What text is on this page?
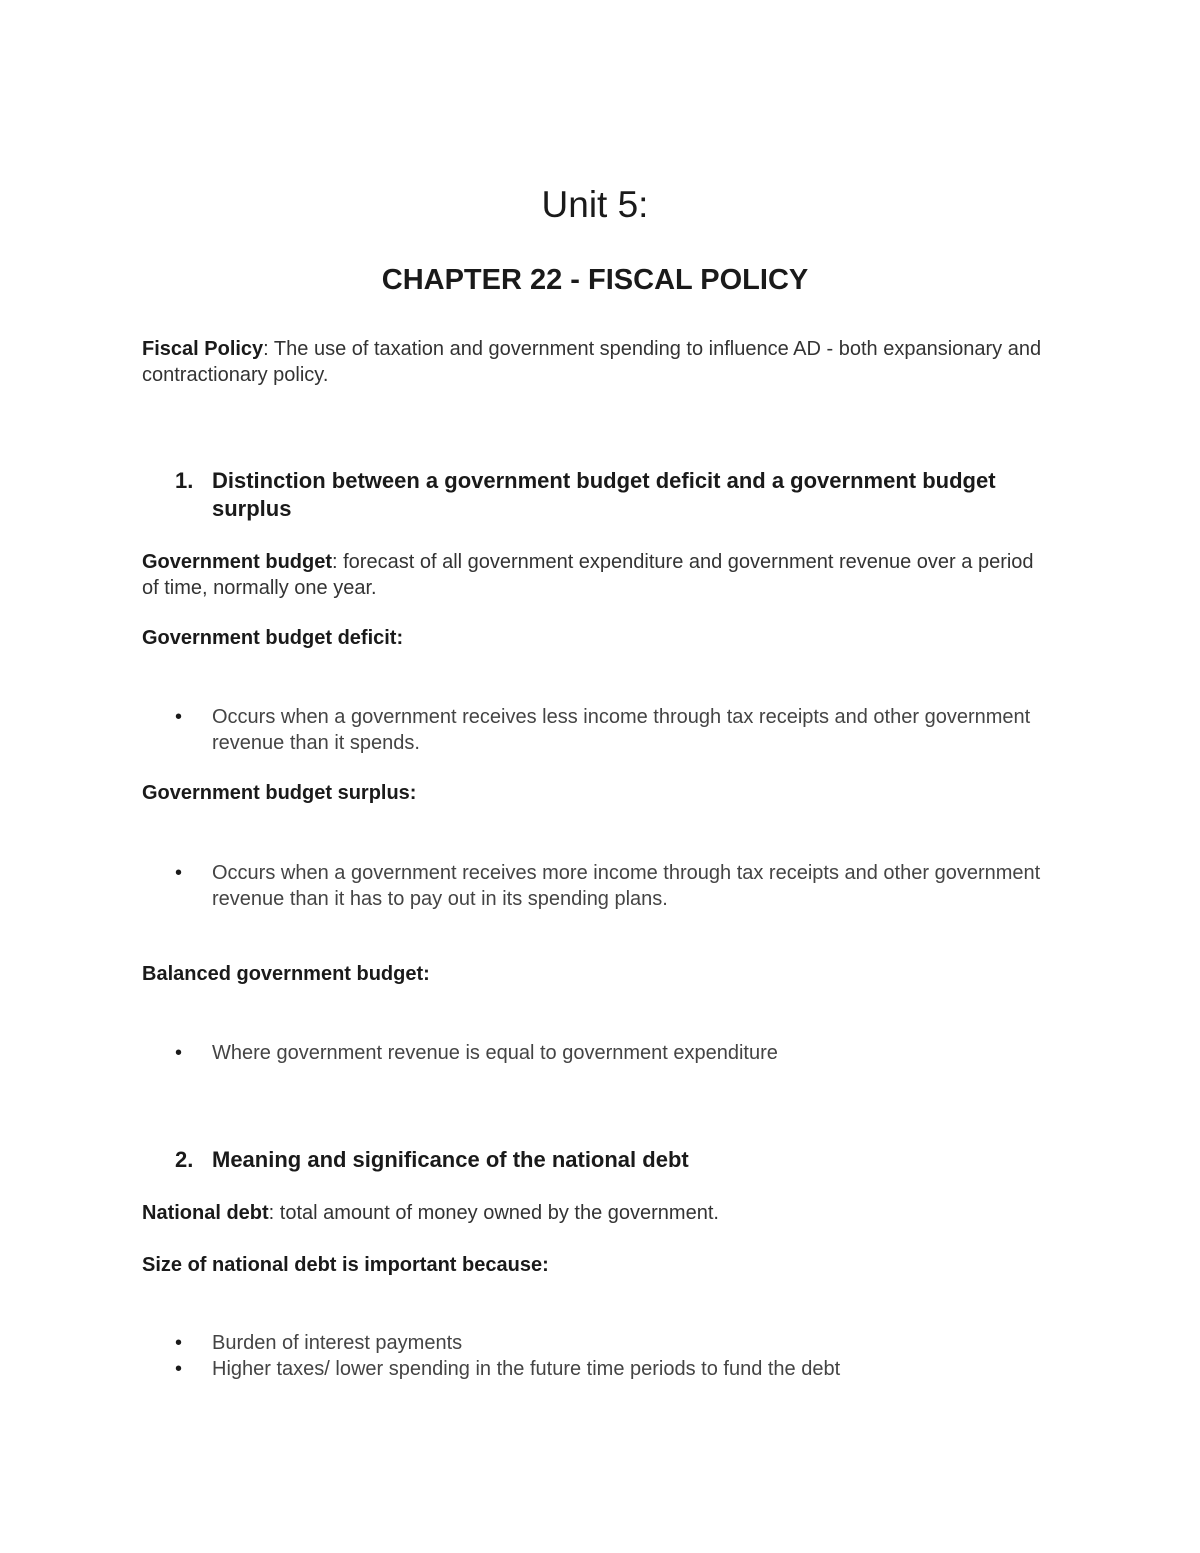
Unit 5:
CHAPTER 22 - FISCAL POLICY

Fiscal Policy: The use of taxation and government spending to influence AD - both expansionary and contractionary policy.

1. Distinction between a government budget deficit and a government budget surplus

Government budget: forecast of all government expenditure and government revenue over a period of time, normally one year.

Government budget deficit:

• Occurs when a government receives less income through tax receipts and other government revenue than it spends.

Government budget surplus:

• Occurs when a government receives more income through tax receipts and other government revenue than it has to pay out in its spending plans.

Balanced government budget:

• Where government revenue is equal to government expenditure
2. Meaning and significance of the national debt

National debt: total amount of money owned by the government.

Size of national debt is important because:

• Burden of interest payments
• Higher taxes/ lower spending in the future time periods to fund the debt
